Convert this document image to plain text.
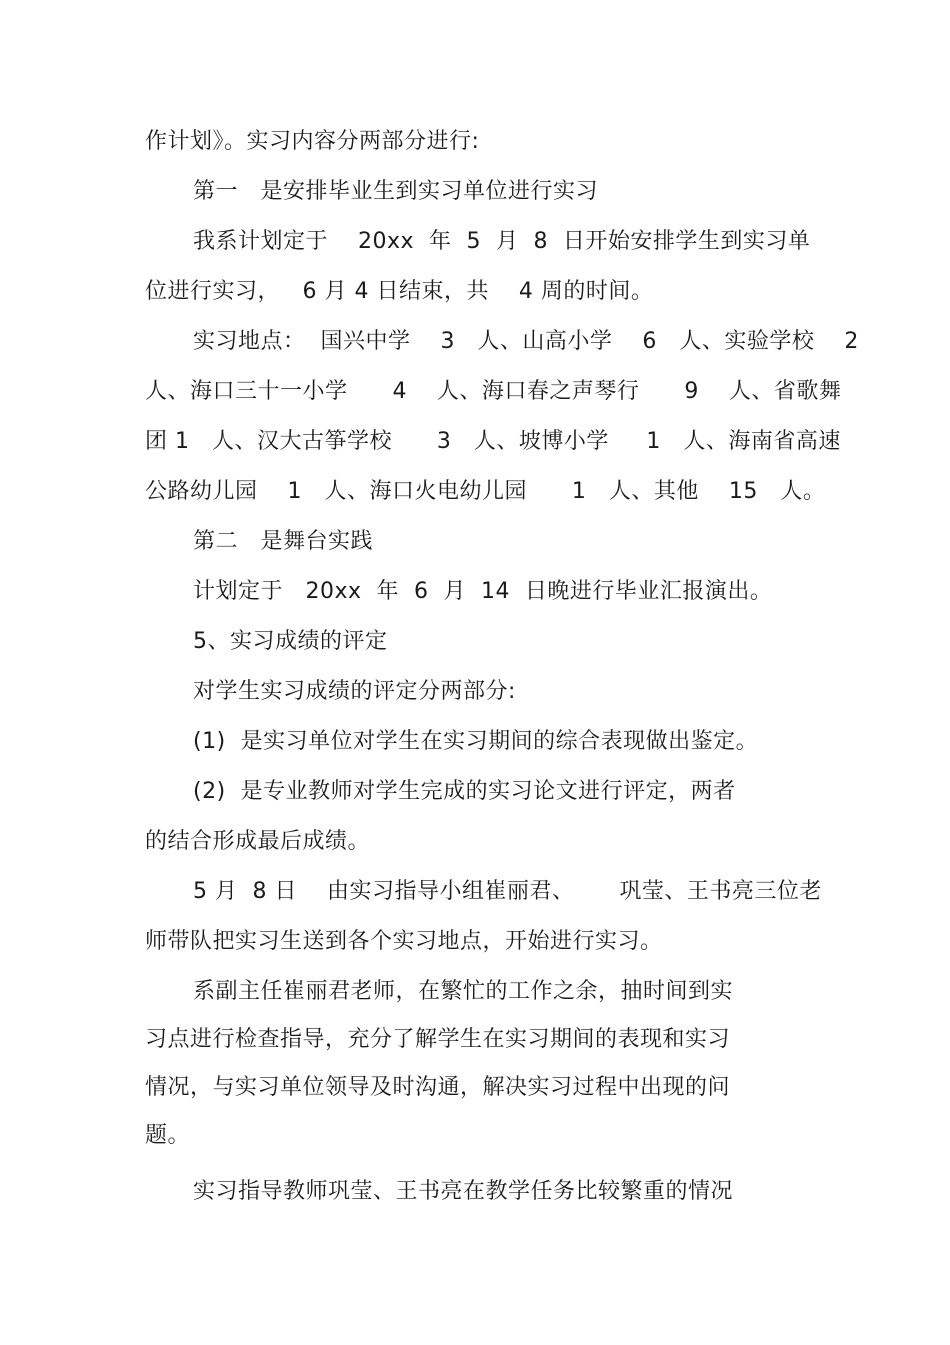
作计划》。实习内容分两部分进行:
第一   是安排毕业生到实习单位进行实习
我系计划定于    20xx  年  5  月  8  日开始安排学生到实习单
位进行实习，   6 月 4 日结束，共    4 周的时间。
实习地点：  国兴中学    3   人、山高小学    6   人、实验学校    2
人、海口三十一小学      4    人、海口春之声琴行      9    人、省歌舞
团 1   人、汉大古筝学校      3   人、坡博小学     1   人、海南省高速
公路幼儿园    1   人、海口火电幼儿园      1   人、其他    15   人。
第二   是舞台实践
计划定于   20xx  年  6  月  14  日晚进行毕业汇报演出。
5、实习成绩的评定
对学生实习成绩的评定分两部分:
(1)  是实习单位对学生在实习期间的综合表现做出鉴定。
(2)  是专业教师对学生完成的实习论文进行评定，两者
的结合形成最后成绩。
5 月  8 日    由实习指导小组崔丽君、      巩莹、王书亮三位老
师带队把实习生送到各个实习地点，开始进行实习。
系副主任崔丽君老师，在繁忙的工作之余，抽时间到实
习点进行检查指导，充分了解学生在实习期间的表现和实习
情况，与实习单位领导及时沟通，解决实习过程中出现的问
题。
实习指导教师巩莹、王书亮在教学任务比较繁重的情况
